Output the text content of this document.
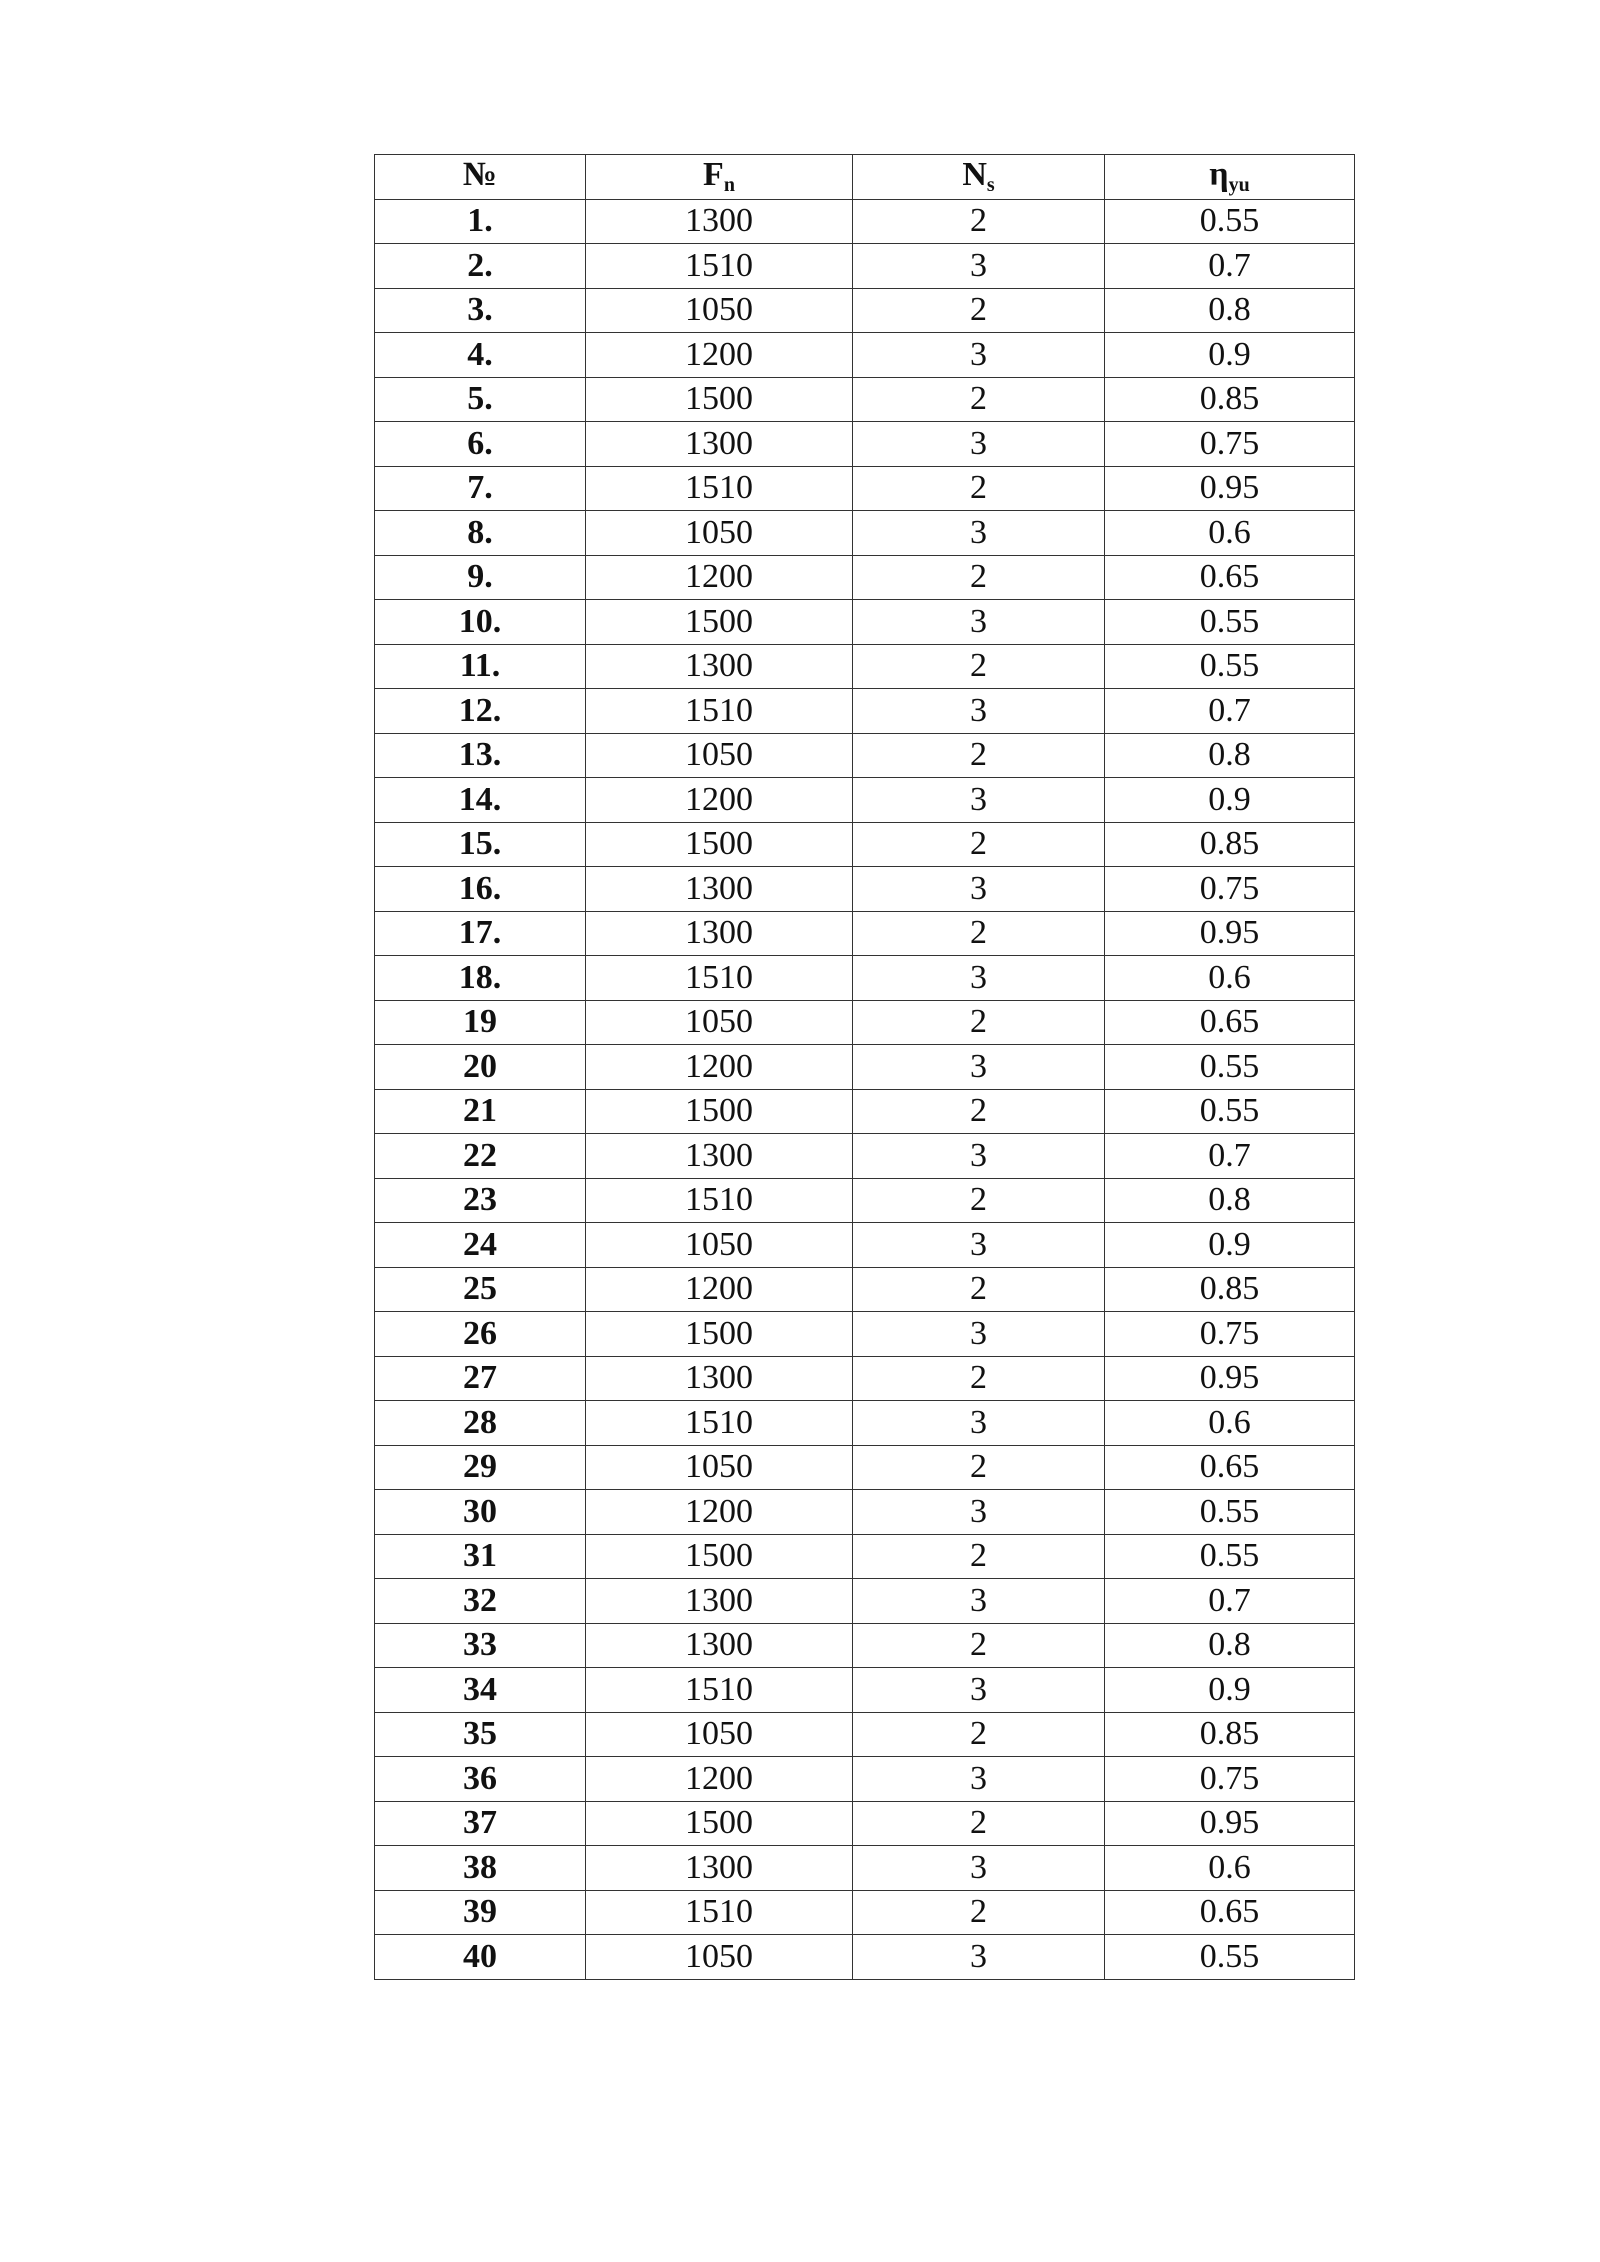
№	$F_n$	$N_s$	$\eta_{yu}$
1.	1300	2	0.55
2.	1510	3	0.7
3.	1050	2	0.8
4.	1200	3	0.9
5.	1500	2	0.85
6.	1300	3	0.75
7.	1510	2	0.95
8.	1050	3	0.6
9.	1200	2	0.65
10.	1500	3	0.55
11.	1300	2	0.55
12.	1510	3	0.7
13.	1050	2	0.8
14.	1200	3	0.9
15.	1500	2	0.85
16.	1300	3	0.75
17.	1300	2	0.95
18.	1510	3	0.6
19	1050	2	0.65
20	1200	3	0.55
21	1500	2	0.55
22	1300	3	0.7
23	1510	2	0.8
24	1050	3	0.9
25	1200	2	0.85
26	1500	3	0.75
27	1300	2	0.95
28	1510	3	0.6
29	1050	2	0.65
30	1200	3	0.55
31	1500	2	0.55
32	1300	3	0.7
33	1300	2	0.8
34	1510	3	0.9
35	1050	2	0.85
36	1200	3	0.75
37	1500	2	0.95
38	1300	3	0.6
39	1510	2	0.65
40	1050	3	0.55
